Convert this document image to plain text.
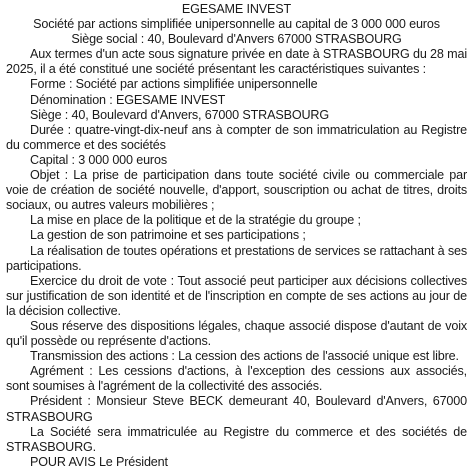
EGESAME INVEST

Société par actions simplifiée unipersonnelle au capital de 3 000 000 euros

Siège social : 40, Boulevard d'Anvers 67000 STRASBOURG

Aux termes d'un acte sous signature privée en date à STRASBOURG du 28 mai 2025, il a été constitué une société présentant les caractéristiques suivantes :

Forme : Société par actions simplifiée unipersonnelle

Dénomination : EGESAME INVEST

Siège : 40, Boulevard d'Anvers, 67000 STRASBOURG

Durée : quatre-vingt-dix-neuf ans à compter de son immatriculation au Registre du commerce et des sociétés

Capital : 3 000 000 euros

Objet : La prise de participation dans toute société civile ou commerciale par voie de création de société nouvelle, d'apport, souscription ou achat de titres, droits sociaux, ou autres valeurs mobilières ;

La mise en place de la politique et de la stratégie du groupe ;

La gestion de son patrimoine et ses participations ;

La réalisation de toutes opérations et prestations de services se rattachant à ses participations.

Exercice du droit de vote : Tout associé peut participer aux décisions collectives sur justification de son identité et de l'inscription en compte de ses actions au jour de la décision collective.

Sous réserve des dispositions légales, chaque associé dispose d'autant de voix qu'il possède ou représente d'actions.

Transmission des actions : La cession des actions de l'associé unique est libre.

Agrément : Les cessions d'actions, à l'exception des cessions aux associés, sont soumises à l'agrément de la collectivité des associés.

Président : Monsieur Steve BECK demeurant 40, Boulevard d'Anvers, 67000 STRASBOURG

La Société sera immatriculée au Registre du commerce et des sociétés de STRASBOURG.

POUR AVIS Le Président
